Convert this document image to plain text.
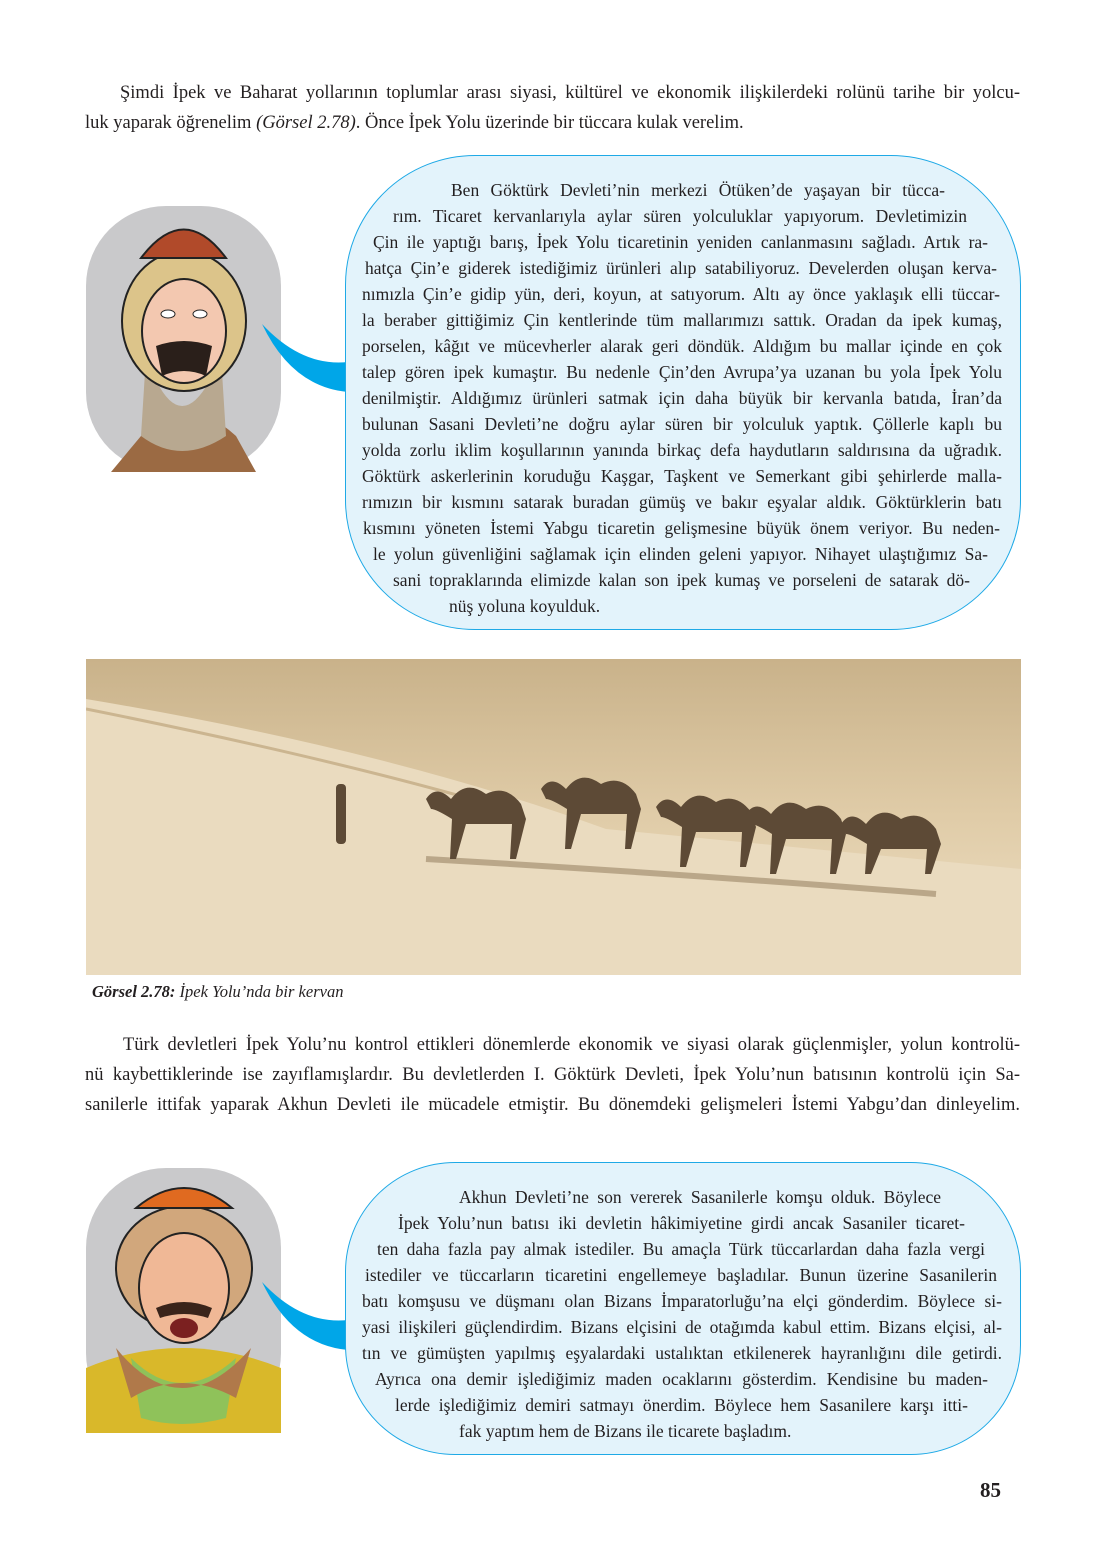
Şimdi İpek ve Baharat yollarının toplumlar arası siyasi, kültürel ve ekonomik ilişkilerdeki rolünü tarihe bir yolcu-
luk yaparak öğrenelim (Görsel 2.78). Önce İpek Yolu üzerinde bir tüccara kulak verelim.
Ben Göktürk Devleti’nin merkezi Ötüken’de yaşayan bir tücca-
rım. Ticaret kervanlarıyla aylar süren yolculuklar yapıyorum. Devletimizin
Çin ile yaptığı barış, İpek Yolu ticaretinin yeniden canlanmasını sağladı. Artık ra-
hatça Çin’e giderek istediğimiz ürünleri alıp satabiliyoruz. Develerden oluşan kerva-
nımızla Çin’e gidip yün, deri, koyun, at satıyorum. Altı ay önce yaklaşık elli tüccar-
la beraber gittiğimiz Çin kentlerinde tüm mallarımızı sattık. Oradan da ipek kumaş,
porselen, kâğıt ve mücevherler alarak geri döndük. Aldığım bu mallar içinde en çok
talep gören ipek kumaştır. Bu nedenle Çin’den Avrupa’ya uzanan bu yola İpek Yolu
denilmiştir. Aldığımız ürünleri satmak için daha büyük bir kervanla batıda, İran’da
bulunan Sasani Devleti’ne doğru aylar süren bir yolculuk yaptık. Çöllerle kaplı bu
yolda zorlu iklim koşullarının yanında birkaç defa haydutların saldırısına da uğradık.
Göktürk askerlerinin koruduğu Kaşgar, Taşkent ve Semerkant gibi şehirlerde malla-
rımızın bir kısmını satarak buradan gümüş ve bakır eşyalar aldık. Göktürklerin batı
kısmını yöneten İstemi Yabgu ticaretin gelişmesine büyük önem veriyor. Bu neden-
le yolun güvenliğini sağlamak için elinden geleni yapıyor. Nihayet ulaştığımız Sa-
sani topraklarında elimizde kalan son ipek kumaş ve porseleni de satarak dö-
nüş yoluna koyulduk.
Görsel 2.78: İpek Yolu’nda bir kervan
Türk devletleri İpek Yolu’nu kontrol ettikleri dönemlerde ekonomik ve siyasi olarak güçlenmişler, yolun kontrolü-
nü kaybettiklerinde ise zayıflamışlardır. Bu devletlerden I. Göktürk Devleti, İpek Yolu’nun batısının kontrolü için Sa-
sanilerle ittifak yaparak Akhun Devleti ile mücadele etmiştir. Bu dönemdeki gelişmeleri İstemi Yabgu’dan dinleyelim.
Akhun Devleti’ne son vererek Sasanilerle komşu olduk. Böylece
İpek Yolu’nun batısı iki devletin hâkimiyetine girdi ancak Sasaniler ticaret-
ten daha fazla pay almak istediler. Bu amaçla Türk tüccarlardan daha fazla vergi
istediler ve tüccarların ticaretini engellemeye başladılar. Bunun üzerine Sasanilerin
batı komşusu ve düşmanı olan Bizans İmparatorluğu’na elçi gönderdim. Böylece si-
yasi ilişkileri güçlendirdim. Bizans elçisini de otağımda kabul ettim. Bizans elçisi, al-
tın ve gümüşten yapılmış eşyalardaki ustalıktan etkilenerek hayranlığını dile getirdi.
Ayrıca ona demir işlediğimiz maden ocaklarını gösterdim. Kendisine bu maden-
lerde işlediğimiz demiri satmayı önerdim. Böylece hem Sasanilere karşı itti-
fak yaptım hem de Bizans ile ticarete başladım.
85
